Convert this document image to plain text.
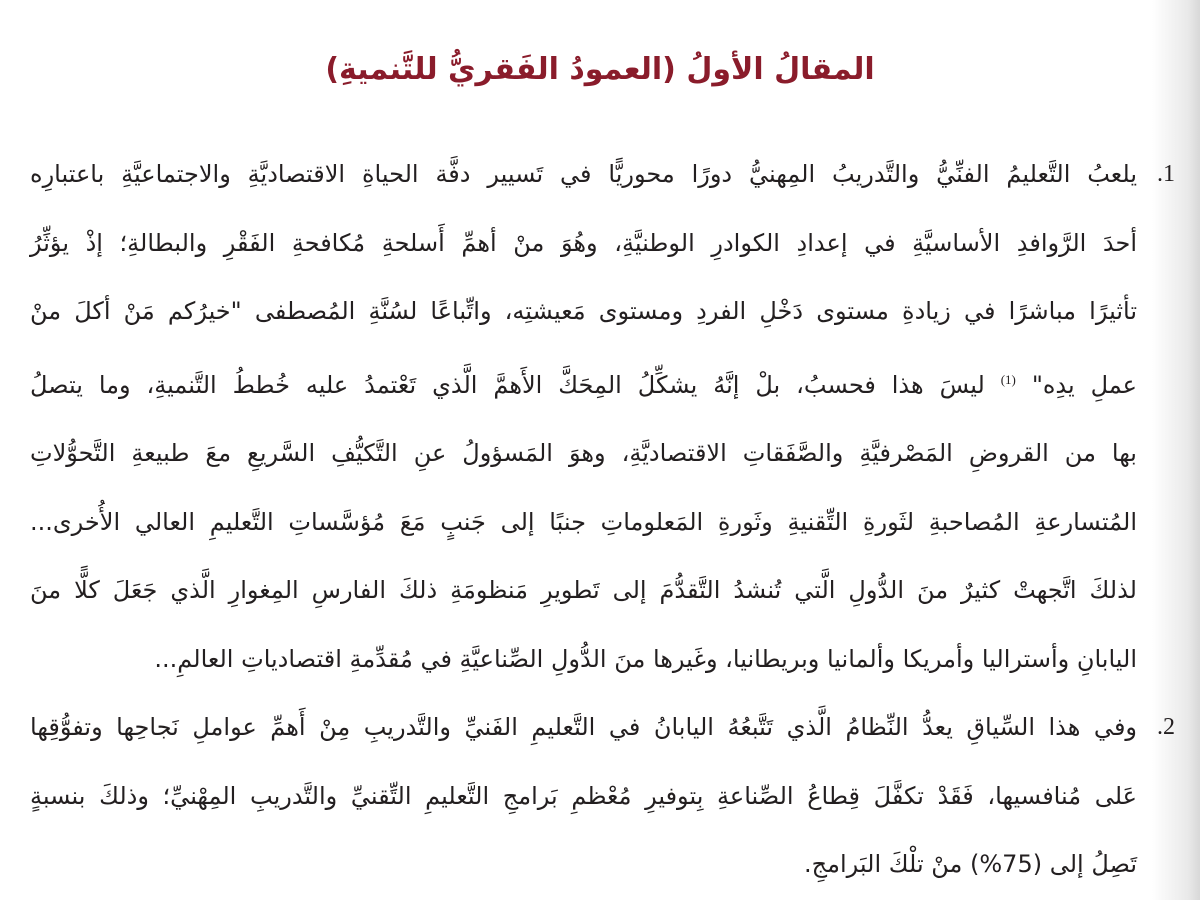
المقالُ الأولُ (العمودُ الفَقريُّ للتَّنميةِ)
1.
يلعبُ التَّعليمُ الفنِّيُّ والتَّدريبُ المِهنيُّ دورًا محوريًّا في تَسيير دفَّة الحياةِ الاقتصاديَّةِ والاجتماعيَّةِ باعتبارِه
أحدَ الرَّوافدِ الأساسيَّةِ في إعدادِ الكوادرِ الوطنيَّةِ، وهُوَ منْ أهمِّ أَسلحةِ مُكافحةِ الفَقْرِ والبطالةِ؛ إذْ يؤثِّرُ
تأثيرًا مباشرًا في زيادةِ مستوى دَخْلِ الفردِ ومستوى مَعيشتِه، واتِّباعًا لسُنَّةِ المُصطفى "خيرُكم مَنْ أكلَ منْ
عملِ يدِه" $^{(1)}$ ليسَ هذا فحسبُ، بلْ إنَّهُ يشكِّلُ المِحَكَّ الأَهمَّ الَّذي تَعْتمدُ عليه خُططُ التَّنميةِ، وما يتصلُ
بها من القروضِ المَصْرفيَّةِ والصَّفَقاتِ الاقتصاديَّةِ، وهوَ المَسؤولُ عنِ التَّكيُّفِ السَّريعِ معَ طبيعةِ التَّحوُّلاتِ
المُتسارعةِ المُصاحبةِ لثَورةِ التِّقنيةِ وثَورةِ المَعلوماتِ جنبًا إلى جَنبٍ مَعَ مُؤسَّساتِ التَّعليمِ العالي الأُخرى...
لذلكَ اتَّجهتْ كثيرٌ منَ الدُّولِ الَّتي تُنشدُ التَّقدُّمَ إلى تَطويرِ مَنظومَةِ ذلكَ الفارسِ المِغوارِ الَّذي جَعَلَ كلًّا منَ
اليابانِ وأستراليا وأمريكا وألمانيا وبريطانيا، وغَيرها منَ الدُّولِ الصِّناعيَّةِ في مُقدِّمةِ اقتصادياتِ العالمِ...
2.
وفي هذا السِّياقِ يعدُّ النِّظامُ الَّذي تَتَّبعُهُ اليابانُ في التَّعليمِ الفَنيِّ والتَّدريبِ مِنْ أَهمِّ عواملِ نَجاحِها وتفوُّقِها
عَلى مُنافسيها، فَقَدْ تكفَّلَ قِطاعُ الصِّناعةِ بِتوفيرِ مُعْظمِ بَرامجِ التَّعليمِ التِّقنيِّ والتَّدريبِ المِهْنيِّ؛ وذلكَ بنسبةٍ
تَصِلُ إلى (75%) منْ تلْكَ البَرامجِ.
